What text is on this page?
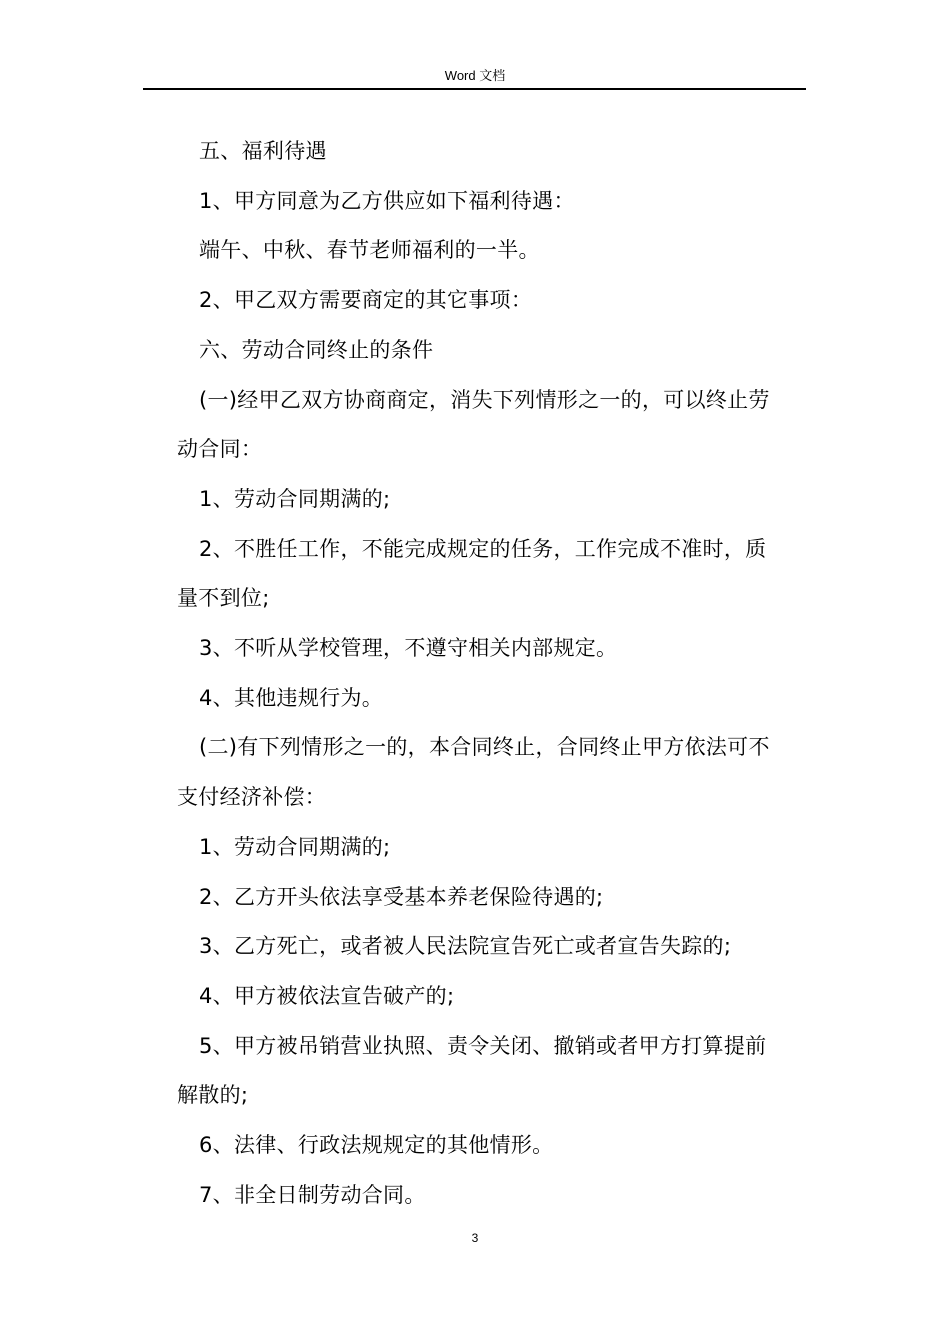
Word 文档

五、福利待遇

1、甲方同意为乙方供应如下福利待遇：

端午、中秋、春节老师福利的一半。

2、甲乙双方需要商定的其它事项：

六、劳动合同终止的条件

(一)经甲乙双方协商商定，消失下列情形之一的，可以终止劳
动合同：

1、劳动合同期满的;

2、不胜任工作，不能完成规定的任务，工作完成不准时，质
量不到位;

3、不听从学校管理，不遵守相关内部规定。

4、其他违规行为。

(二)有下列情形之一的，本合同终止，合同终止甲方依法可不
支付经济补偿：

1、劳动合同期满的;

2、乙方开头依法享受基本养老保险待遇的;

3、乙方死亡，或者被人民法院宣告死亡或者宣告失踪的;

4、甲方被依法宣告破产的;

5、甲方被吊销营业执照、责令关闭、撤销或者甲方打算提前
解散的;

6、法律、行政法规规定的其他情形。

7、非全日制劳动合同。

3
